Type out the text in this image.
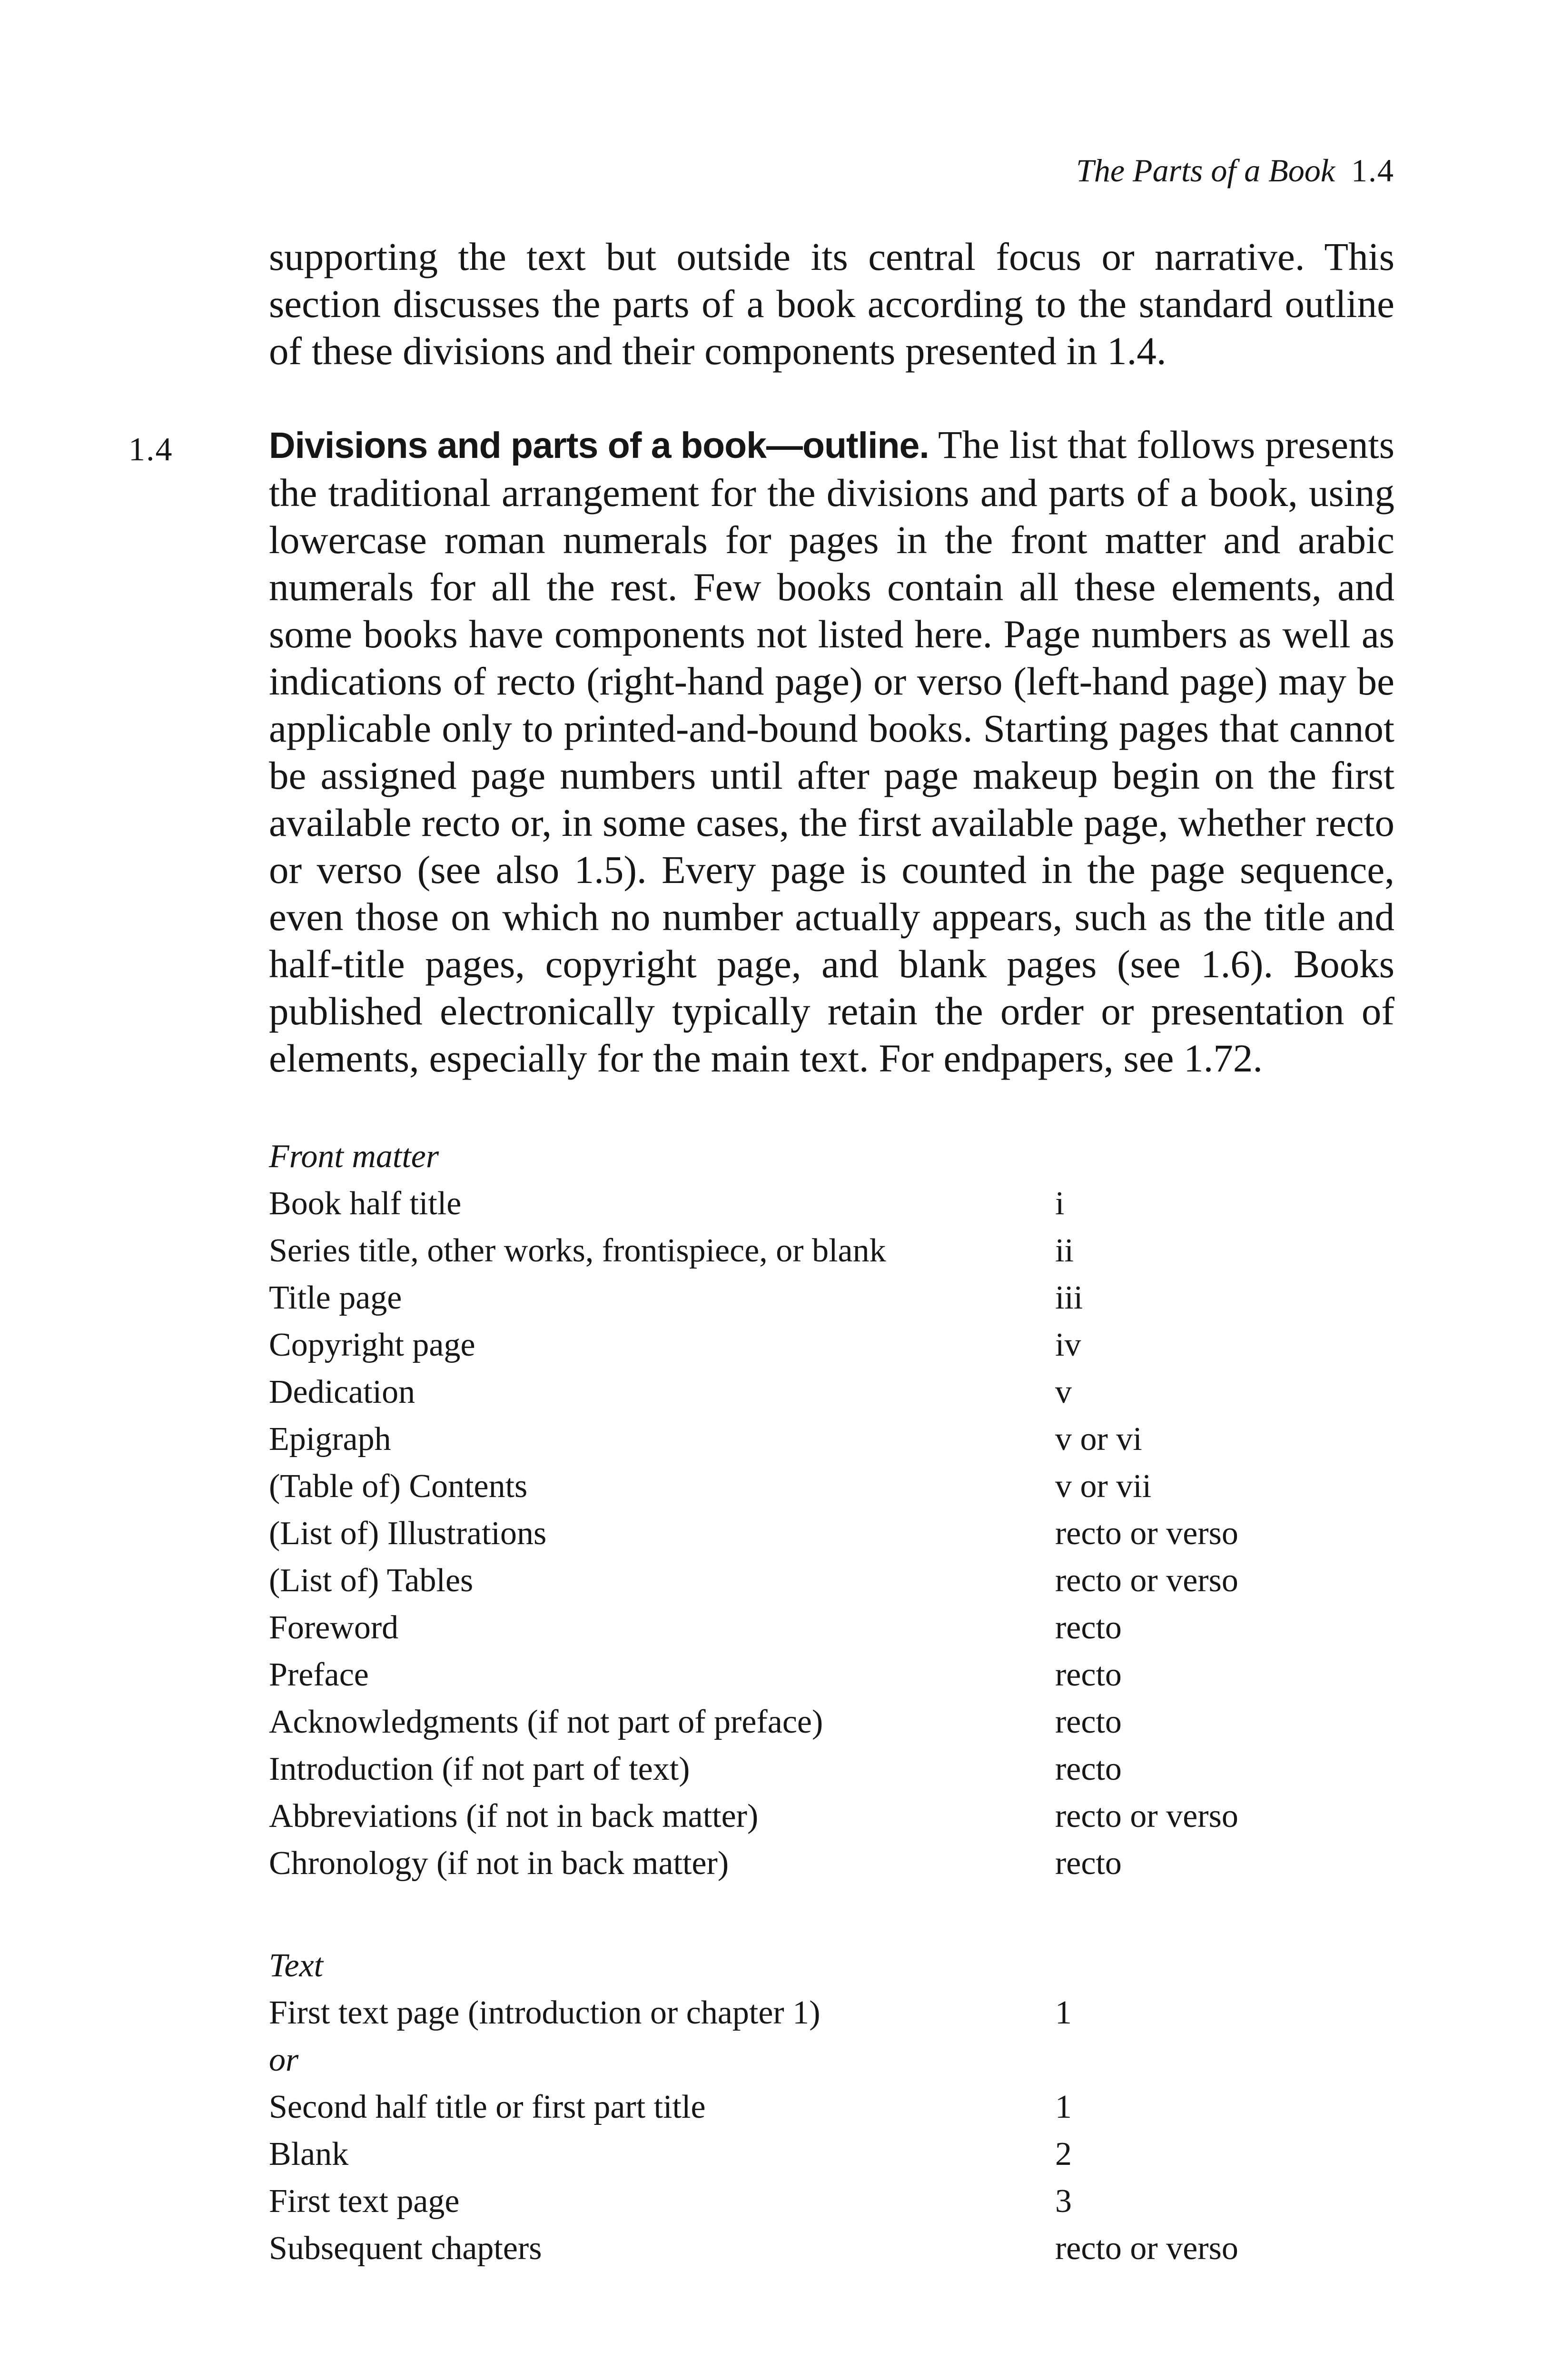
The Parts of a Book 1.4
supporting the text but outside its central focus or narrative. This section discusses the parts of a book according to the standard outline of these divisions and their components presented in 1.4.
1.4	Divisions and parts of a book—outline. The list that follows presents the traditional arrangement for the divisions and parts of a book, using lowercase roman numerals for pages in the front matter and arabic numerals for all the rest. Few books contain all these elements, and some books have components not listed here. Page numbers as well as indications of recto (right-hand page) or verso (left-hand page) may be applicable only to printed-and-bound books. Starting pages that cannot be assigned page numbers until after page makeup begin on the first available recto or, in some cases, the first available page, whether recto or verso (see also 1.5). Every page is counted in the page sequence, even those on which no number actually appears, such as the title and half-title pages, copyright page, and blank pages (see 1.6). Books published electronically typically retain the order or presentation of elements, especially for the main text. For endpapers, see 1.72.
Front matter
Book half title	i
Series title, other works, frontispiece, or blank	ii
Title page	iii
Copyright page	iv
Dedication	v
Epigraph	v or vi
(Table of) Contents	v or vii
(List of) Illustrations	recto or verso
(List of) Tables	recto or verso
Foreword	recto
Preface	recto
Acknowledgments (if not part of preface)	recto
Introduction (if not part of text)	recto
Abbreviations (if not in back matter)	recto or verso
Chronology (if not in back matter)	recto
Text
First text page (introduction or chapter 1)	1
or
Second half title or first part title	1
Blank	2
First text page	3
Subsequent chapters	recto or verso
